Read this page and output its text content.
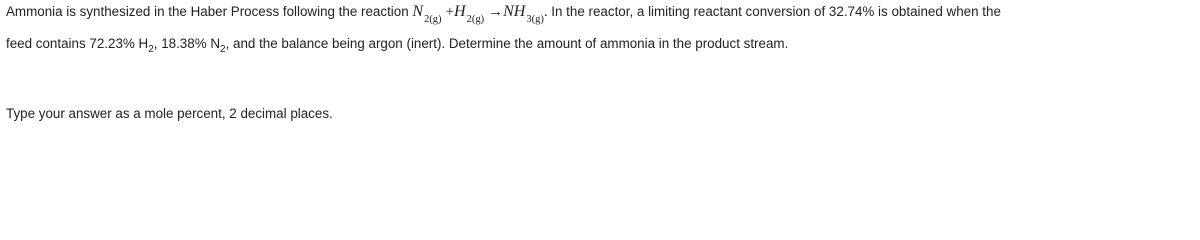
Ammonia is synthesized in the Haber Process following the reaction $N_{2(g)} +H_{2(g)} \to NH_{3(g)}$. In the reactor, a limiting reactant conversion of 32.74% is obtained when the
feed contains 72.23% $H_2$, 18.38% $N_2$, and the balance being argon (inert). Determine the amount of ammonia in the product stream.
Type your answer as a mole percent, 2 decimal places.
